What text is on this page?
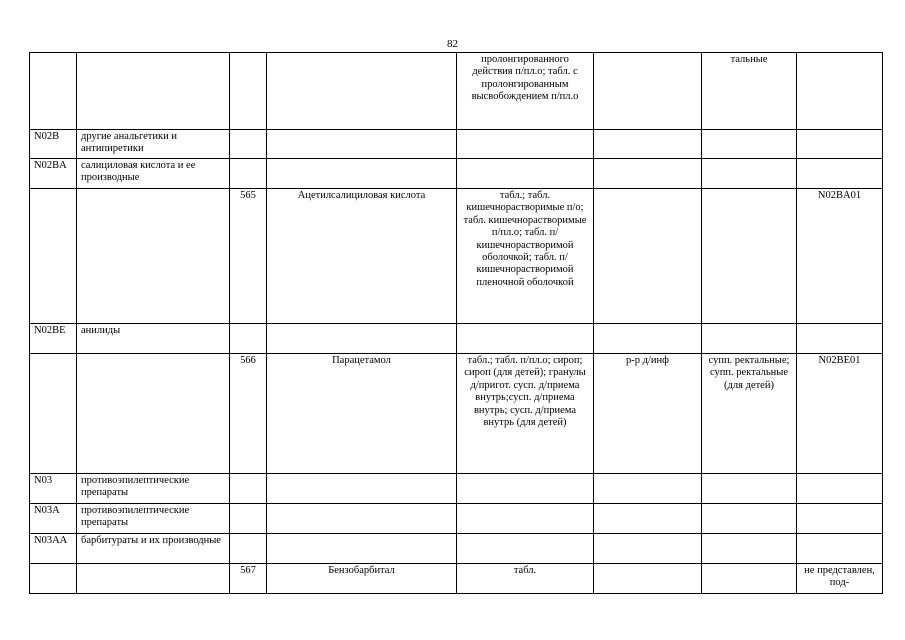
82
				пролонгированного действия п/пл.о; табл. с пролонгированным высвобождением п/пл.о		тальные	
N02B	другие анальгетики и антипиретики						
N02BA	салициловая кислота и ее производные						
		565	Ацетилсалициловая кислота	табл.; табл. кишечнорастворимые п/о; табл. кишечнорастворимые п/пл.о; табл. п/кишечнорастворимой оболочкой; табл. п/кишечнорастворимой пленочной оболочкой			N02BA01
N02BE	анилиды						
		566	Парацетамол	табл.; табл. п/пл.о; сироп; сироп (для детей); гранулы д/пригот. сусп. д/приема внутрь;сусп. д/приема внутрь; сусп. д/приема внутрь (для детей)	р-р д/инф	супп. ректальные; супп. ректальные (для детей)	N02BE01
N03	противоэпилептические препараты						
N03A	противоэпилептические препараты						
N03AA	барбитураты и их производные						
		567	Бензобарбитал	табл.			не представлен, под-
